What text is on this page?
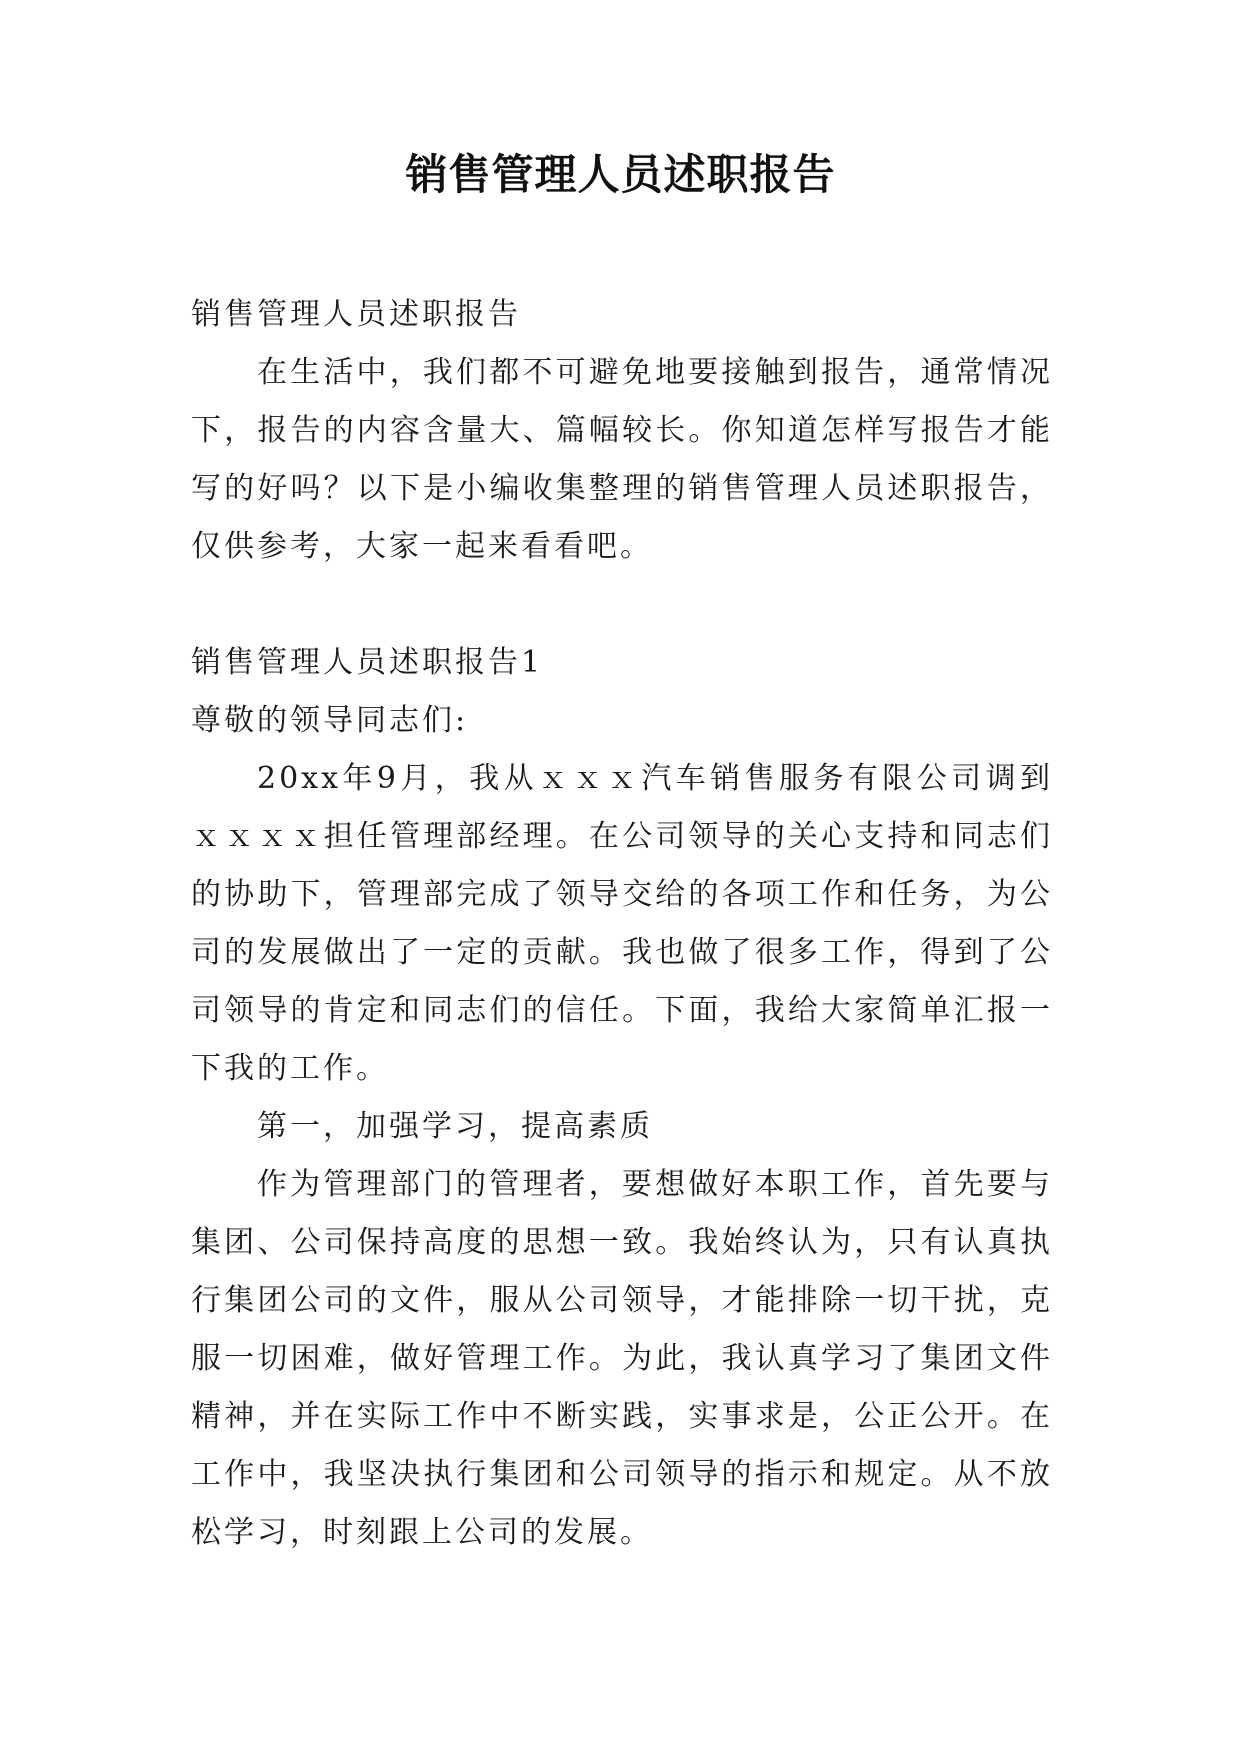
销售管理人员述职报告

销售管理人员述职报告

在生活中，我们都不可避免地要接触到报告，通常情况下，报告的内容含量大、篇幅较长。你知道怎样写报告才能写的好吗？以下是小编收集整理的销售管理人员述职报告，仅供参考，大家一起来看看吧。

销售管理人员述职报告1

尊敬的领导同志们:

20xx年9月，我从ｘｘｘ汽车销售服务有限公司调到ｘｘｘｘ担任管理部经理。在公司领导的关心支持和同志们的协助下，管理部完成了领导交给的各项工作和任务，为公司的发展做出了一定的贡献。我也做了很多工作，得到了公司领导的肯定和同志们的信任。下面，我给大家简单汇报一下我的工作。

第一，加强学习，提高素质

作为管理部门的管理者，要想做好本职工作，首先要与集团、公司保持高度的思想一致。我始终认为，只有认真执行集团公司的文件，服从公司领导，才能排除一切干扰，克服一切困难，做好管理工作。为此，我认真学习了集团文件精神，并在实际工作中不断实践，实事求是，公正公开。在工作中，我坚决执行集团和公司领导的指示和规定。从不放松学习，时刻跟上公司的发展。
